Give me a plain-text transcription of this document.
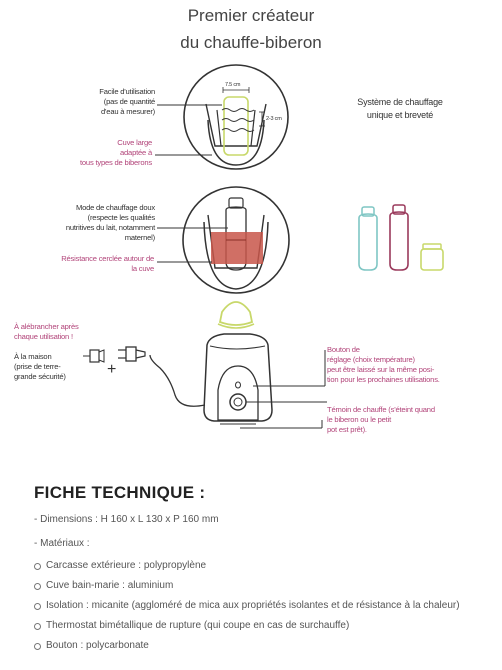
Premier créateur
du chauffe-biberon
+
7.5 cm
2-3 cm
Facile d'utilisation
(pas de quantité
d'eau à mesurer)
Cuve large
adaptée à
tous types de biberons
Mode de chauffage doux
(respecte les qualités
nutritives du lait, notamment
maternel)
Résistance cerclée autour de
la cuve
Système de chauffage
unique et breveté
À alébrancher après
chaque utilisation !
À la maison
(prise de terre-
grande sécurité)
Bouton de
réglage (choix température)
peut être laissé sur la même posi-
tion pour les prochaines utilisations.
Témoin de chauffe (s'éteint quand
le biberon ou le petit
pot est prêt).
FICHE TECHNIQUE :
- Dimensions : H 160 x L 130 x P 160 mm
- Matériaux :
Carcasse extérieure : polypropylène
Cuve bain-marie : aluminium
Isolation : micanite (aggloméré de mica aux propriétés isolantes et de résistance à la chaleur)
Thermostat bimétallique de rupture (qui coupe en cas de surchauffe)
Bouton : polycarbonate
